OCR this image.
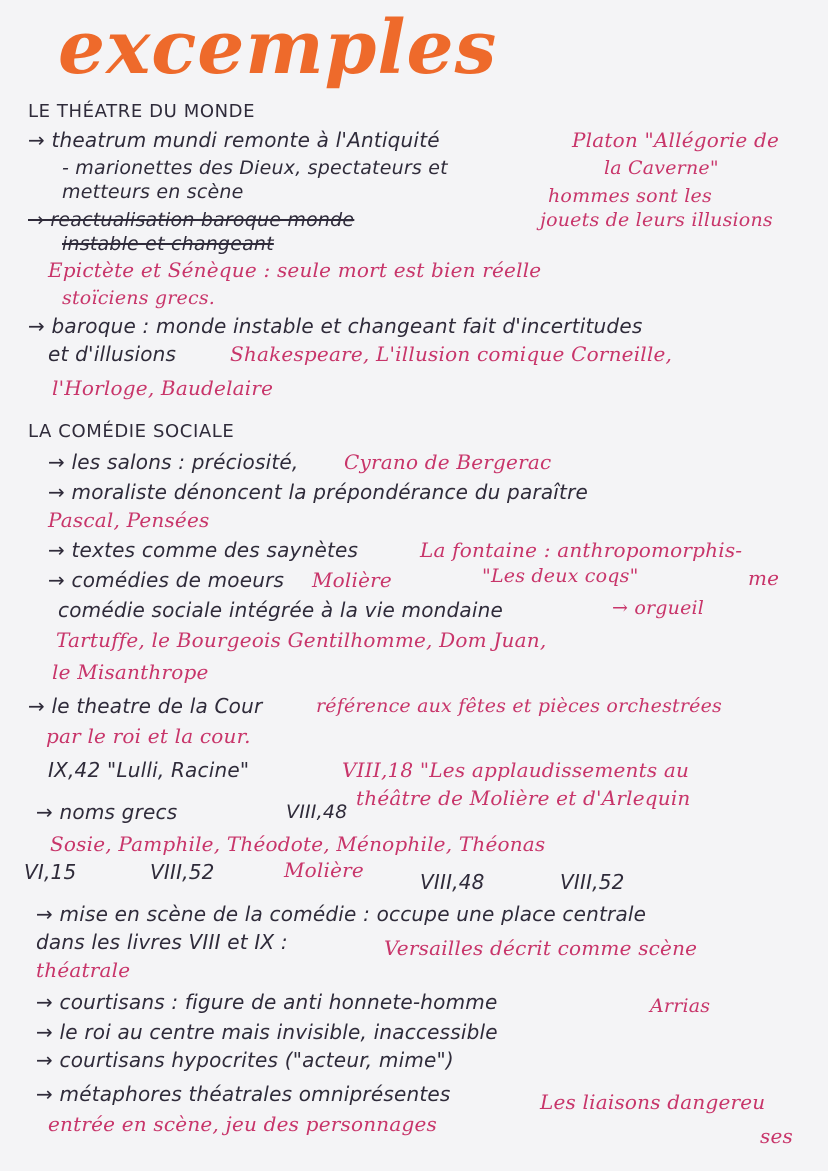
excemples
LE THÉATRE DU MONDE
→ theatrum mundi remonte à l'Antiquité	Platon "Allégorie de
- marionettes des Dieux, spectateurs et	la Caverne"
metteurs en scène	hommes sont les
→ reactualisation baroque monde	jouets de leurs illusions
instable et changeant
Epictète et Sénèque : seule mort est bien réelle
stoïciens grecs.
→ baroque : monde instable et changeant fait d'incertitudes
et d'illusions	Shakespeare, L'illusion comique Corneille,
l'Horloge, Baudelaire
LA COMÉDIE SOCIALE
→ les salons : préciosité, Cyrano de Bergerac
→ moraliste dénoncent la prépondérance du paraître
Pascal, Pensées
→ textes comme des saynètes	La fontaine : anthropomorphis-
→ comédies de moeurs Molière	"Les deux coqs"	me
comédie sociale intégrée à la vie mondaine	→ orgueil
Tartuffe, le Bourgeois Gentilhomme, Dom Juan,
le Misanthrope
→ le theatre de la Cour	référence aux fêtes et pièces orchestrées
par le roi et la cour.
IX,42 "Lulli, Racine"	VIII,18 "Les applaudissements au
théâtre de Molière et d'Arlequin
→ noms grecs	VIII,48
Sosie, Pamphile, Théodote, Ménophile, Théonas
VI,15	VIII,52	Molière	VIII,48	VIII,52
→ mise en scène de la comédie : occupe une place centrale
dans les livres VIII et IX :	Versailles décrit comme scène
théatrale
→ courtisans : figure de anti honnete-homme	Arrias
→ le roi au centre mais invisible, inaccessible
→ courtisans hypocrites ("acteur, mime")
→ métaphores théatrales omniprésentes	Les liaisons dangereu
entrée en scène, jeu des personnages	ses
